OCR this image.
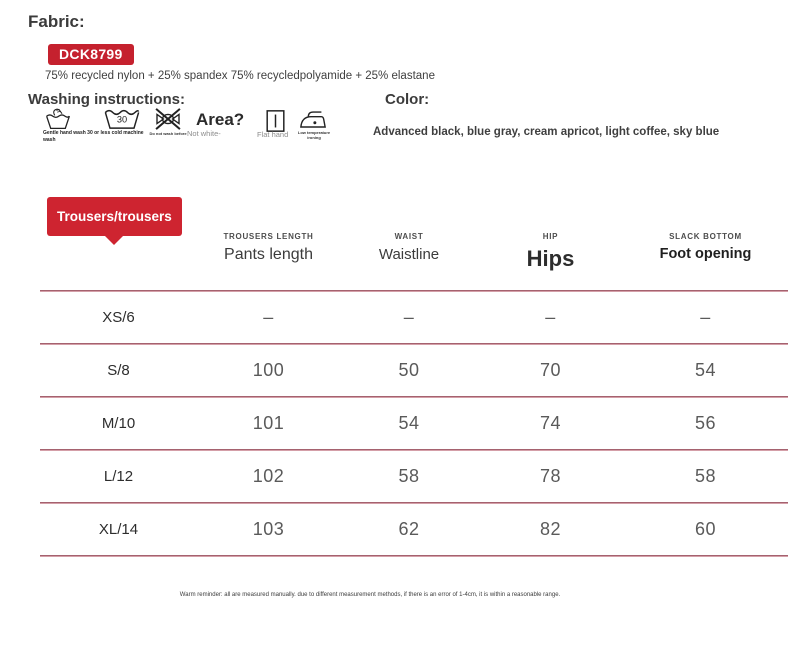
Fabric:
DCK8799
75% recycled nylon + 25% spandex 75% recycledpolyamide + 25% elastane
Washing instructions:
Gentle hand wash 30 or less cold machine wash
30
Do not wash before
Area?
Not white-	Flat hand	Low temperature ironing
Color:
Advanced black, blue gray, cream apricot, light coffee, sky blue
Trousers/trousers
TROUSERS LENGTH
Pants length
WAIST
Waistline
HIP
Hips
SLACK BOTTOM
Foot opening
XS/6	–	–	–	–
S/8	100	50	70	54
M/10	101	54	74	56
L/12	102	58	78	58
XL/14	103	62	82	60
Warm reminder: all are measured manually. due to different measurement methods, if there is an error of 1-4cm, it is within a reasonable range.
